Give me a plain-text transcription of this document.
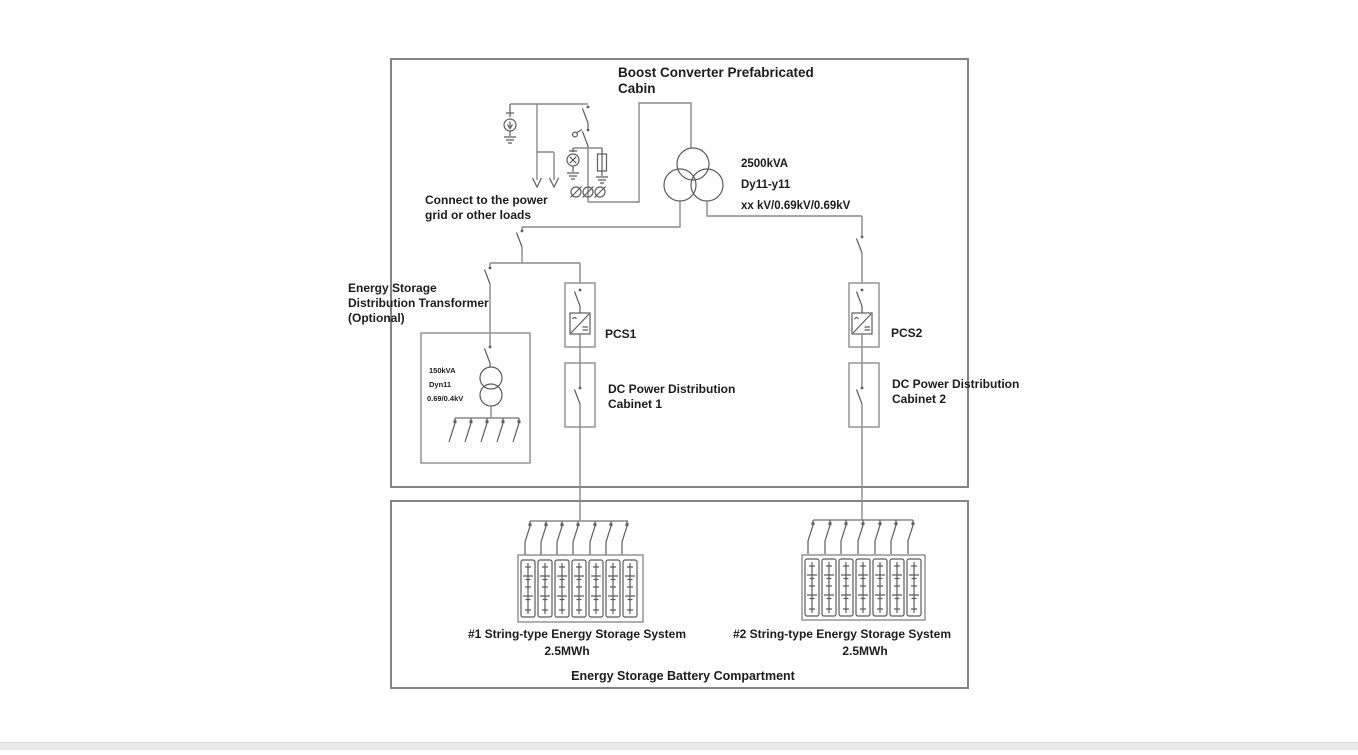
Boost Converter Prefabricated
Cabin
Connect to the power
grid or other loads
2500kVA
Dy11-y11
xx kV/0.69kV/0.69kV
Energy Storage
Distribution Transformer
(Optional)
150kVA
Dyn11
0.69/0.4kV
PCS1
DC Power Distribution
Cabinet 1
PCS2
DC Power Distribution
Cabinet 2
#1 String-type Energy Storage System
2.5MWh
#2 String-type Energy Storage System
2.5MWh
Energy Storage Battery Compartment
